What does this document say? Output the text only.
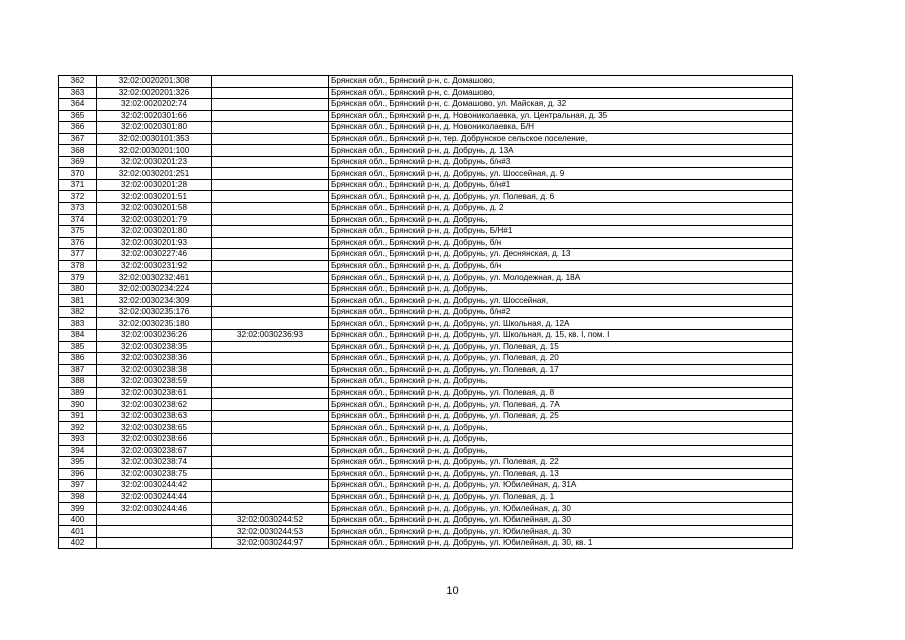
362	32:02:0020201:308		Брянская обл., Брянский р-н, с. Домашово,
363	32:02:0020201:326		Брянская обл., Брянский р-н, с. Домашово,
364	32:02:0020202:74		Брянская обл., Брянский р-н, с. Домашово, ул. Майская, д. 32
365	32:02:0020301:66		Брянская обл., Брянский р-н, д. Новониколаевка, ул. Центральная, д. 35
366	32:02:0020301:80		Брянская обл., Брянский р-н, д. Новониколаевка, Б/Н
367	32:02:0030101:353		Брянская обл., Брянский р-н, тер. Добрунское сельское поселение,
368	32:02:0030201:100		Брянская обл., Брянский р-н, д. Добрунь, д. 13А
369	32:02:0030201:23		Брянская обл., Брянский р-н, д. Добрунь, б/н#3
370	32:02:0030201:251		Брянская обл., Брянский р-н, д. Добрунь, ул. Шоссейная, д. 9
371	32:02:0030201:28		Брянская обл., Брянский р-н, д. Добрунь, б/н#1
372	32:02:0030201:51		Брянская обл., Брянский р-н, д. Добрунь, ул. Полевая, д. 6
373	32:02:0030201:58		Брянская обл., Брянский р-н, д. Добрунь, д. 2
374	32:02:0030201:79		Брянская обл., Брянский р-н, д. Добрунь,
375	32:02:0030201:80		Брянская обл., Брянский р-н, д. Добрунь, Б/Н#1
376	32:02:0030201:93		Брянская обл., Брянский р-н, д. Добрунь, б/н
377	32:02:0030227:46		Брянская обл., Брянский р-н, д. Добрунь, ул. Деснянская, д. 13
378	32:02:0030231:92		Брянская обл., Брянский р-н, д. Добрунь, б/н
379	32:02:0030232:461		Брянская обл., Брянский р-н, д. Добрунь, ул. Молодежная, д. 18А
380	32:02:0030234:224		Брянская обл., Брянский р-н, д. Добрунь,
381	32:02:0030234:309		Брянская обл., Брянский р-н, д. Добрунь, ул. Шоссейная,
382	32:02:0030235:176		Брянская обл., Брянский р-н, д. Добрунь, б/н#2
383	32:02:0030235:180		Брянская обл., Брянский р-н, д. Добрунь, ул. Школьная, д. 12А
384	32:02:0030236:26	32:02:0030236:93	Брянская обл., Брянский р-н, д. Добрунь, ул. Школьная, д. 15, кв. I, пом. I
385	32:02:0030238:35		Брянская обл., Брянский р-н, д. Добрунь, ул. Полевая, д. 15
386	32:02:0030238:36		Брянская обл., Брянский р-н, д. Добрунь, ул. Полевая, д. 20
387	32:02:0030238:38		Брянская обл., Брянский р-н, д. Добрунь, ул. Полевая, д. 17
388	32:02:0030238:59		Брянская обл., Брянский р-н, д. Добрунь,
389	32:02:0030238:61		Брянская обл., Брянский р-н, д. Добрунь, ул. Полевая, д. 8
390	32:02:0030238:62		Брянская обл., Брянский р-н, д. Добрунь, ул. Полевая, д. 7А
391	32:02:0030238:63		Брянская обл., Брянский р-н, д. Добрунь, ул. Полевая, д. 25
392	32:02:0030238:65		Брянская обл., Брянский р-н, д. Добрунь,
393	32:02:0030238:66		Брянская обл., Брянский р-н, д. Добрунь,
394	32:02:0030238:67		Брянская обл., Брянский р-н, д. Добрунь,
395	32:02:0030238:74		Брянская обл., Брянский р-н, д. Добрунь, ул. Полевая, д. 22
396	32:02:0030238:75		Брянская обл., Брянский р-н, д. Добрунь, ул. Полевая, д. 13
397	32:02:0030244:42		Брянская обл., Брянский р-н, д. Добрунь, ул. Юбилейная, д. 31А
398	32:02:0030244:44		Брянская обл., Брянский р-н, д. Добрунь, ул. Полевая, д. 1
399	32:02:0030244:46		Брянская обл., Брянский р-н, д. Добрунь, ул. Юбилейная, д. 30
400		32:02:0030244:52	Брянская обл., Брянский р-н, д. Добрунь, ул. Юбилейная, д. 30
401		32:02:0030244:53	Брянская обл., Брянский р-н, д. Добрунь, ул. Юбилейная, д. 30
402		32:02:0030244:97	Брянская обл., Брянский р-н, д. Добрунь, ул. Юбилейная, д. 30, кв. 1
10
